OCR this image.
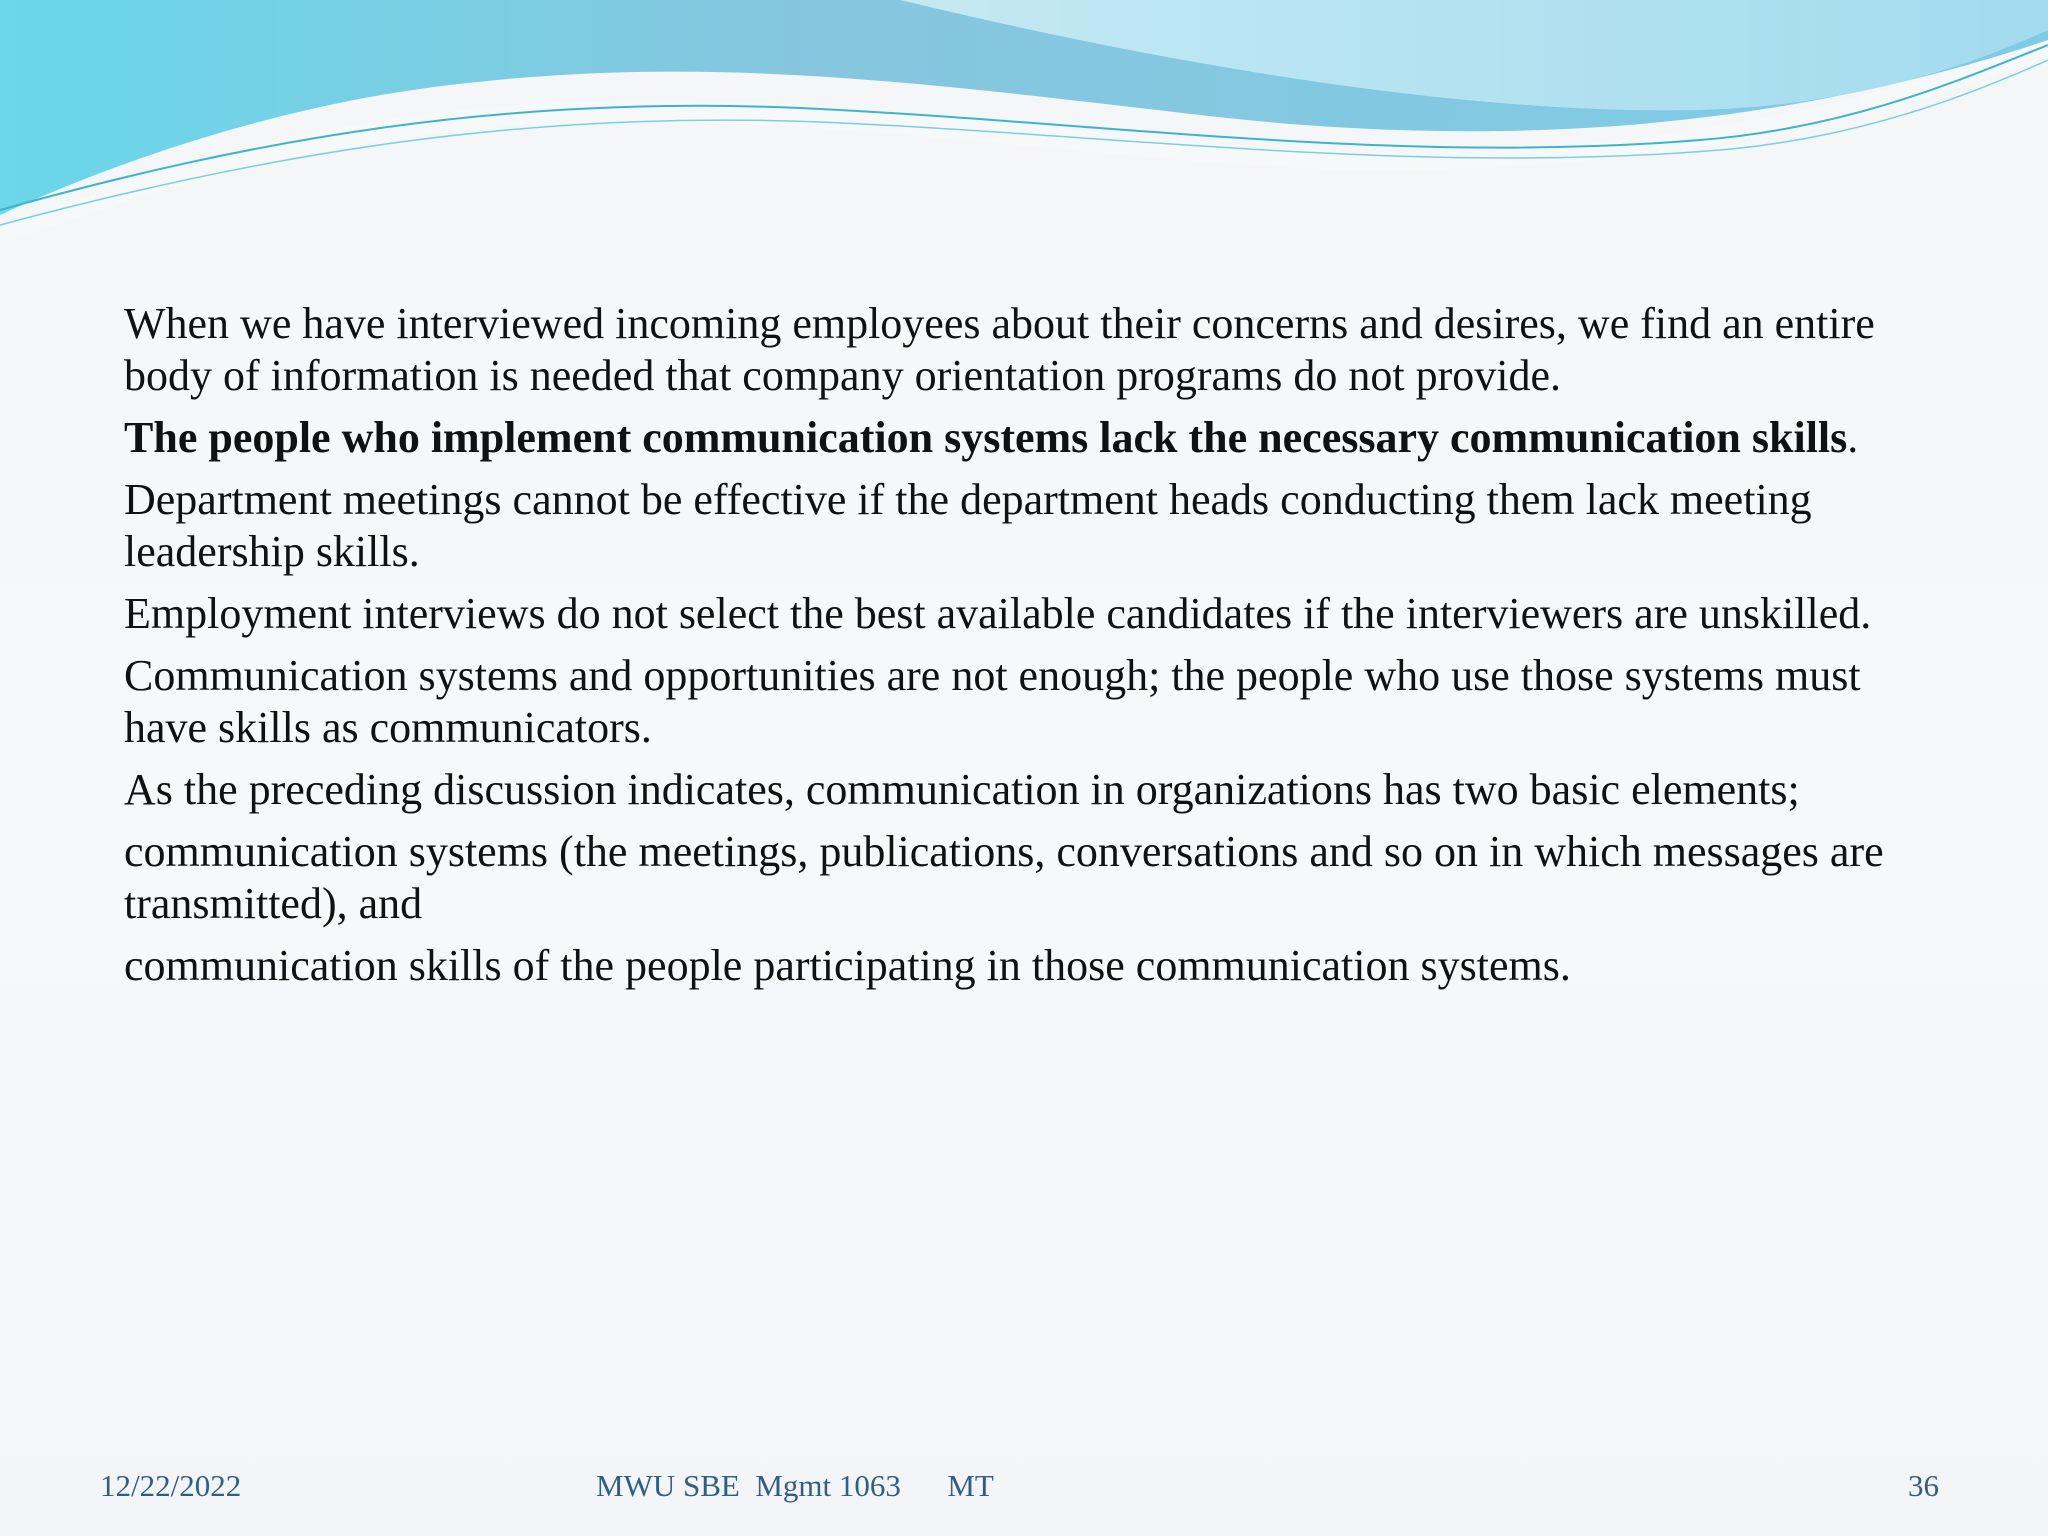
When we have interviewed incoming employees about their concerns and desires, we find an entire body of information is needed that company orientation programs do not provide.

The people who implement communication systems lack the necessary communication skills.

Department meetings cannot be effective if the department heads conducting them lack meeting leadership skills.

Employment interviews do not select the best available candidates if the interviewers are unskilled.

Communication systems and opportunities are not enough; the people who use those systems must have skills as communicators.

As the preceding discussion indicates, communication in organizations has two basic elements;

communication systems (the meetings, publications, conversations and so on in which messages are transmitted), and

communication skills of the people participating in those communication systems.

12/22/2022	MWU SBE  Mgmt 1063      MT	36
